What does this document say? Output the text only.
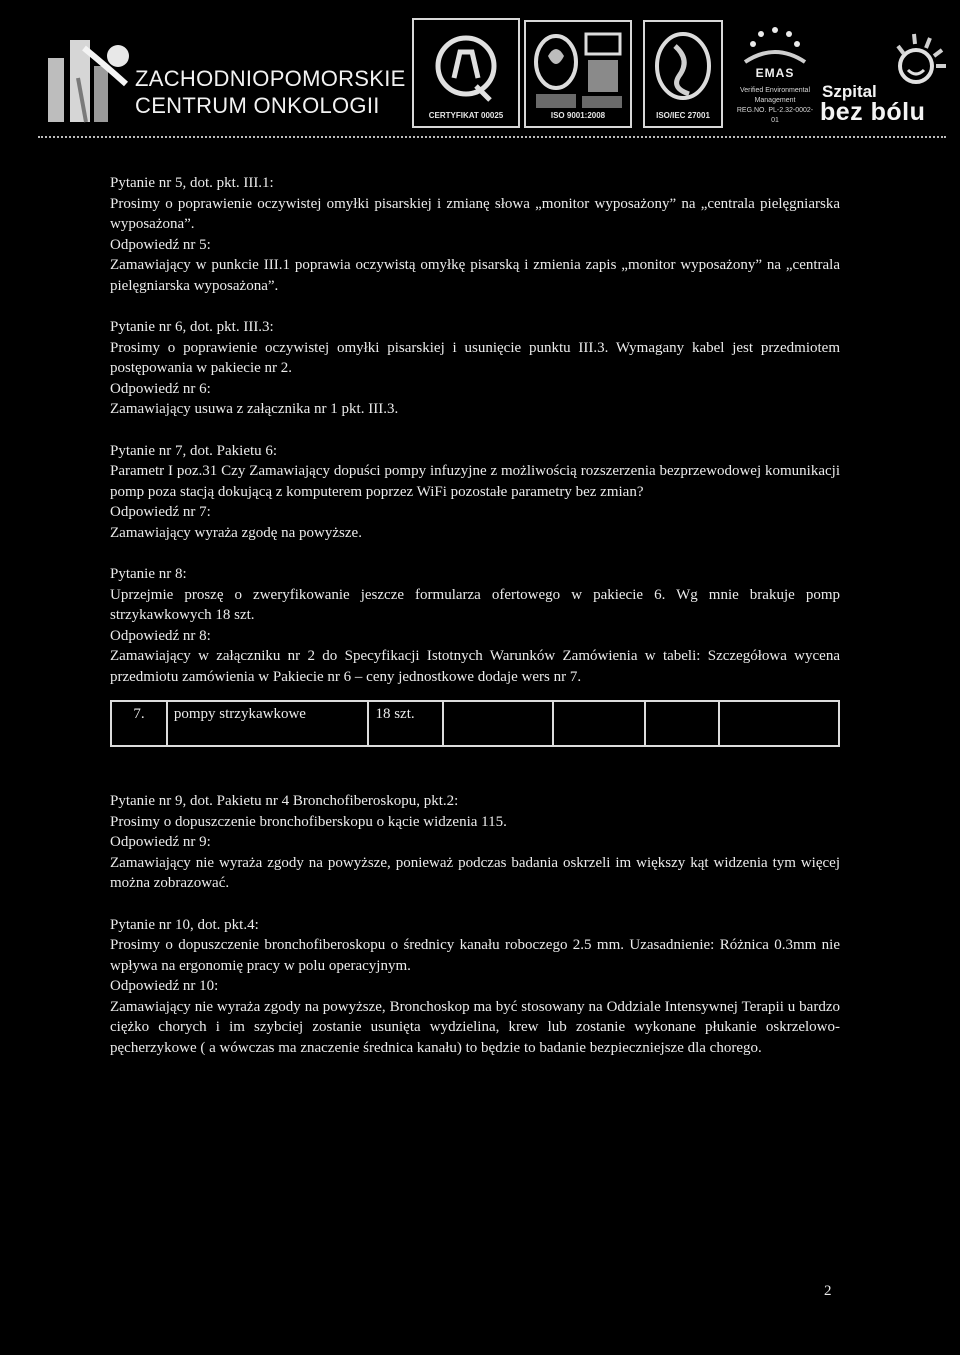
ZACHODNIOPOMORSKIE
CENTRUM ONKOLOGII	CERTYFIKAT 00025	ISO 9001:2008	ISO/IEC 27001
EMAS
Verified Environmental
Management
REG.NO. PL-2.32-0002-01
Szpital
bez bólu
Pytanie nr 5, dot. pkt. III.1:

Prosimy o poprawienie oczywistej omyłki pisarskiej i zmianę słowa „monitor wyposażony” na „centrala pielęgniarska wyposażona”.

Odpowiedź nr 5:

Zamawiający w punkcie III.1 poprawia oczywistą omyłkę pisarską i zmienia zapis „monitor wyposażony” na „centrala pielęgniarska wyposażona”.

Pytanie nr 6, dot. pkt. III.3:

Prosimy o poprawienie oczywistej omyłki pisarskiej i usunięcie punktu III.3. Wymagany kabel jest przedmiotem postępowania w pakiecie nr 2.

Odpowiedź nr 6:

Zamawiający usuwa z załącznika nr 1 pkt. III.3.

Pytanie nr 7, dot. Pakietu 6:

Parametr I poz.31 Czy Zamawiający dopuści pompy infuzyjne z możliwością rozszerzenia bezprzewodowej komunikacji pomp poza stacją dokującą z komputerem poprzez WiFi pozostałe parametry bez zmian?

Odpowiedź nr 7:

Zamawiający wyraża zgodę na powyższe.

Pytanie nr 8:

Uprzejmie proszę o zweryfikowanie jeszcze formularza ofertowego w pakiecie 6. Wg mnie brakuje pomp strzykawkowych 18 szt.

Odpowiedź nr 8:

Zamawiający w załączniku nr 2 do Specyfikacji Istotnych Warunków Zamówienia w tabeli: Szczegółowa wycena przedmiotu zamówienia w Pakiecie nr 6 – ceny jednostkowe dodaje wers nr 7.

7.	pompy strzykawkowe	18 szt.				
Pytanie nr 9, dot. Pakietu nr 4 Bronchofiberoskopu, pkt.2:

Prosimy o dopuszczenie bronchofiberskopu o kącie widzenia 115.

Odpowiedź nr 9:

Zamawiający nie wyraża zgody na powyższe, ponieważ podczas badania oskrzeli im większy kąt widzenia tym więcej można zobrazować.

Pytanie nr 10, dot. pkt.4:

Prosimy o dopuszczenie bronchofiberoskopu o średnicy kanału roboczego 2.5 mm. Uzasadnienie: Różnica 0.3mm nie wpływa na ergonomię pracy w polu operacyjnym.

Odpowiedź nr 10:

Zamawiający nie wyraża zgody na powyższe, Bronchoskop ma być stosowany na Oddziale Intensywnej Terapii u bardzo ciężko chorych i im szybciej zostanie usunięta wydzielina, krew lub zostanie wykonane płukanie oskrzelowo-pęcherzykowe ( a wówczas ma znaczenie średnica kanału) to będzie to badanie bezpieczniejsze dla chorego.

2
